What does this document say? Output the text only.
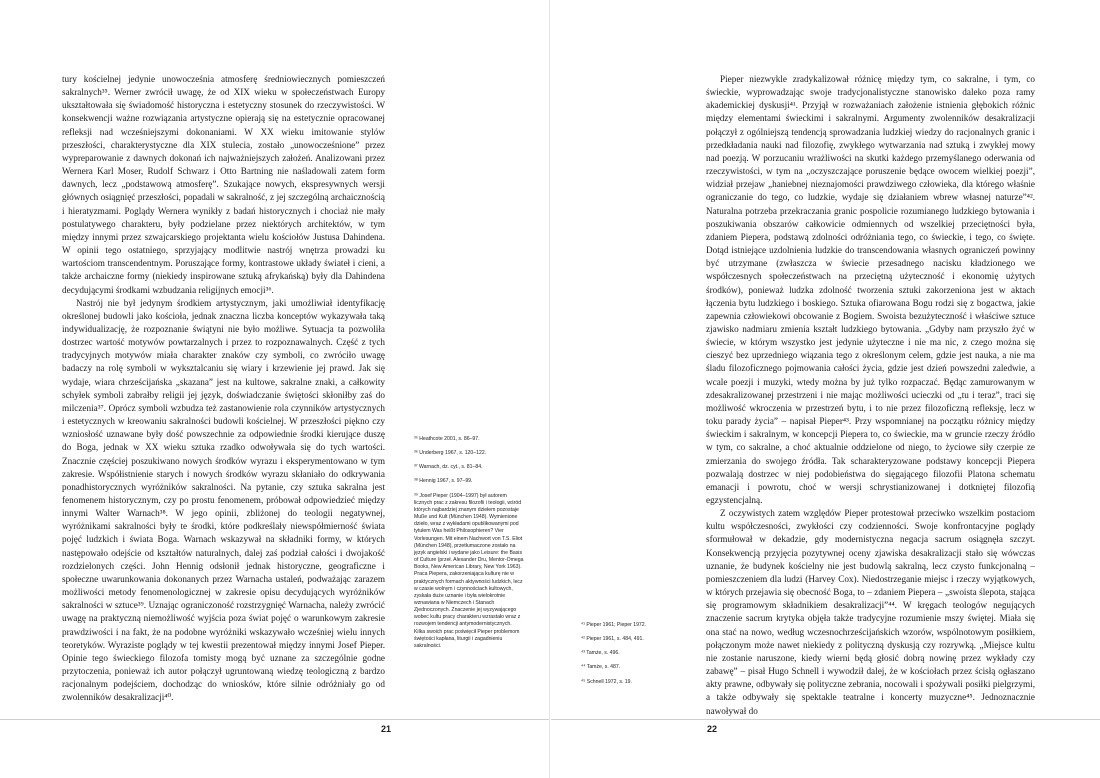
tury kościelnej jedynie unowocześnia atmosferę średniowiecznych pomieszczeń sakralnych³⁵. Werner zwrócił uwagę, że od XIX wieku w społeczeństwach Europy ukształtowała się świadomość historyczna i estetyczny stosunek do rzeczywistości. W konsekwencji ważne rozwiązania artystyczne opierają się na estetycznie opracowanej refleksji nad wcześniejszymi dokonaniami. W XX wieku imitowanie stylów przeszłości, charakterystyczne dla XIX stulecia, zostało „unowocześnione” przez wypreparowanie z dawnych dokonań ich najważniejszych założeń. Analizowani przez Wernera Karl Moser, Rudolf Schwarz i Otto Bartning nie naśladowali zatem form dawnych, lecz „podstawową atmosferę”. Szukające nowych, ekspresywnych wersji głównych osiągnięć przeszłości, popadali w sakralność, z jej szczególną archaicznością i hieratyzmami. Poglądy Wernera wynikły z badań historycznych i chociaż nie mały postulatywego charakteru, były podzielane przez niektórych architektów, w tym między innymi przez szwajcarskiego projektanta wielu kościołów Justusa Dahindena. W opinii tego ostatniego, sprzyjający modlitwie nastrój wnętrza prowadzi ku wartościom transcendentnym. Poruszające formy, kontrastowe układy świateł i cieni, a także archaiczne formy (niekiedy inspirowane sztuką afrykańską) były dla Dahindena decydującymi środkami wzbudzania religijnych emocji³⁶.

Nastrój nie był jedynym środkiem artystycznym, jaki umożliwiał identyfikację określonej budowli jako kościoła, jednak znaczna liczba konceptów wykazywała taką indywidualizację, że rozpoznanie świątyni nie było możliwe. Sytuacja ta pozwoliła dostrzec wartość motywów powtarzalnych i przez to rozpoznawalnych. Część z tych tradycyjnych motywów miała charakter znaków czy symboli, co zwróciło uwagę badaczy na rolę symboli w wyksztalcaniu się wiary i krzewienie jej prawd. Jak się wydaje, wiara chrześcijańska „skazana” jest na kultowe, sakralne znaki, a całkowity schyłek symboli zabrałby religii jej język, doświadczanie świętości skłoniłby zaś do milczenia³⁷. Oprócz symboli wzbudza też zastanowienie rola czynników artystycznych i estetycznych w kreowaniu sakralności budowli kościelnej. W przeszłości piękno czy wzniosłość uznawane były dość powszechnie za odpowiednie środki kierujące duszę do Boga, jednak w XX wieku sztuka rzadko odwoływała się do tych wartości. Znacznie częściej poszukiwano nowych środków wyrazu i eksperymentowano w tym zakresie. Współistnienie starych i nowych środków wyrazu skłaniało do odkrywania ponadhistorycznych wyróżników sakralności. Na pytanie, czy sztuka sakralna jest fenomenem historycznym, czy po prostu fenomenem, próbował odpowiedzieć między innymi Walter Warnach³⁸. W jego opinii, zbliżonej do teologii negatywnej, wyróżnikami sakralności były te środki, które podkreślały niewspółmierność świata pojęć ludzkich i świata Boga. Warnach wskazywał na składniki formy, w których następowało odejście od kształtów naturalnych, dalej zaś podział całości i dwojakość rozdzielonych części. John Hennig odsłonił jednak historyczne, geograficzne i społeczne uwarunkowania dokonanych przez Warnacha ustaleń, podważając zarazem możliwości metody fenomenologicznej w zakresie opisu decydujących wyróżników sakralności w sztuce³⁹. Uznając ograniczoność rozstrzygnięć Warnacha, należy zwrócić uwagę na praktyczną niemożliwość wyjścia poza świat pojęć o warunkowym zakresie prawdziwości i na fakt, że na podobne wyróżniki wskazywało wcześniej wielu innych teoretyków. Wyraziste poglądy w tej kwestii prezentował między innymi Josef Pieper. Opinie tego świeckiego filozofa tomisty mogą być uznane za szczególnie godne przytoczenia, ponieważ ich autor połączył ugruntowaną wiedzę teologiczną z bardzo racjonalnym podejściem, dochodząc do wniosków, które silnie odróżniały go od zwolenników desakralizacji⁴⁰.

³⁵ Heathcote 2001, s. 86–97.

³⁶ Underberg 1967, s. 120–122.

³⁷ Warnach, dz. cyt., s. 81–84.

³⁸ Hennig 1967, s. 97–99.

³⁹ Josef Pieper (1904–1997) był autorem licznych prac z zakresu filozofii i teologii, wśród których najbardziej znanym dziełem pozostaje Muße und Kult (München 1948). Wymienione dzieło, wraz z wykładami opublikowanymi pod tytułem Was heißt Philosophieren? Vier Vorlesungen. Mit einem Nachwort von T.S. Eliot (München 1948), przetłumaczone zostało na język angielski i wydane jako Leisure: the Basis of Culture (przeł. Alexander Dru, Mentor-Omega Books, New American Library, New York 1963). Praca Piepera, zakorzeniająca kulturę nie w praktycznych formach aktywności ludzkich, lecz w czasie wolnym i czynnościach kultowych, zyskała duże uznanie i była wielokrotnie wznawiana w Niemczech i Stanach Zjednoczonych. Znaczenie jej wyzywającego wobec kultu pracy charakteru wzrastało wraz z rozwojem tendencji antymodernistycznych. Kilka swoich prac poświęcił Pieper problemom świętości kapłana, liturgii i zagadnieniu sakralności.

Pieper niezwykle zradykalizował różnicę między tym, co sakralne, i tym, co świeckie, wyprowadzając swoje tradycjonalistyczne stanowisko daleko poza ramy akademickiej dyskusji⁴¹. Przyjął w rozważaniach założenie istnienia głębokich różnic między elementami świeckimi i sakralnymi. Argumenty zwolenników desakralizacji połączył z ogólniejszą tendencją sprowadzania ludzkiej wiedzy do racjonalnych granic i przedkładania nauki nad filozofię, zwykłego wytwarzania nad sztuką i zwykłej mowy nad poezją. W porzucaniu wrażliwości na skutki każdego przemyślanego oderwania od rzeczywistości, w tym na „oczyszczające poruszenie będące owocem wielkiej poezji”, widział przejaw „haniebnej nieznajomości prawdziwego człowieka, dla którego właśnie ograniczanie do tego, co ludzkie, wydaje się działaniem wbrew własnej naturze”⁴². Naturalna potrzeba przekraczania granic pospolicie rozumianego ludzkiego bytowania i poszukiwania obszarów całkowicie odmiennych od wszelkiej przeciętności była, zdaniem Piepera, podstawą zdolności odróżniania tego, co świeckie, i tego, co święte. Dotąd istniejące uzdolnienia ludzkie do transcendowania własnych ograniczeń powinny być utrzymane (zwłaszcza w świecie przesadnego nacisku kładzionego we współczesnych społeczeństwach na przeciętną użyteczność i ekonomię użytych środków), ponieważ ludzka zdolność tworzenia sztuki zakorzeniona jest w aktach łączenia bytu ludzkiego i boskiego. Sztuka ofiarowana Bogu rodzi się z bogactwa, jakie zapewnia człowiekowi obcowanie z Bogiem. Swoista bezużyteczność i właściwe sztuce zjawisko nadmiaru zmienia kształt ludzkiego bytowania. „Gdyby nam przyszło żyć w świecie, w którym wszystko jest jedynie użyteczne i nie ma nic, z czego można się cieszyć bez uprzedniego wiązania tego z określonym celem, gdzie jest nauka, a nie ma śladu filozoficznego pojmowania całości życia, gdzie jest dzień powszedni zaledwie, a wcale poezji i muzyki, wtedy można by już tylko rozpaczać. Będąc zamurowanym w zdesakralizowanej przestrzeni i nie mając możliwości ucieczki od „tu i teraz”, traci się możliwość wkroczenia w przestrzeń bytu, i to nie przez filozoficzną refleksję, lecz w toku parady życia” – napisał Pieper⁴³. Przy wspomnianej na początku różnicy między świeckim i sakralnym, w koncepcji Piepera to, co świeckie, ma w gruncie rzeczy źródło w tym, co sakralne, a choć aktualnie oddzielone od niego, to życiowe siły czerpie ze zmierzania do swojego źródła. Tak scharakteryzowane podstawy koncepcji Piepera pozwalają dostrzec w niej podobieństwa do sięgającego filozofii Platona schematu emanacji i powrotu, choć w wersji schrystianizowanej i dotkniętej filozofią egzystencjalną.

Z oczywistych zatem względów Pieper protestował przeciwko wszelkim postaciom kultu współczesności, zwykłości czy codzienności. Swoje konfrontacyjne poglądy sformułował w dekadzie, gdy modernistyczna negacja sacrum osiągnęła szczyt. Konsekwencją przyjęcia pozytywnej oceny zjawiska desakralizacji stało się wówczas uznanie, że budynek kościelny nie jest budowlą sakralną, lecz czysto funkcjonalną – pomieszczeniem dla ludzi (Harvey Cox). Niedostrzeganie miejsc i rzeczy wyjątkowych, w których przejawia się obecność Boga, to – zdaniem Piepera – „swoista ślepota, stająca się programowym składnikiem desakralizacji”⁴⁴. W kręgach teologów negujących znaczenie sacrum krytyka objęła także tradycyjne rozumienie mszy świętej. Miała się ona stać na nowo, według wczesnochrześcijańskich wzorów, wspólnotowym posiłkiem, połączonym może nawet niekiedy z polityczną dyskusją czy rozrywką. „Miejsce kultu nie zostanie naruszone, kiedy wierni będą głosić dobrą nowinę przez wykłady czy zabawę” – pisał Hugo Schnell i wywodził dalej, że w kościołach przez ścisłą ogłaszano akty prawne, odbywały się polityczne zebrania, nocowali i spożywali posiłki pielgrzymi, a także odbywały się spektakle teatralne i koncerty muzyczne⁴⁵. Jednoznacznie nawoływał do

⁴¹ Pieper 1961; Pieper 1972.

⁴² Pieper 1961, s. 484, 491.

⁴³ Tamże, s. 496.

⁴⁴ Tamże, s. 487.

⁴⁵ Schnell 1972, s. 19.

21	22
